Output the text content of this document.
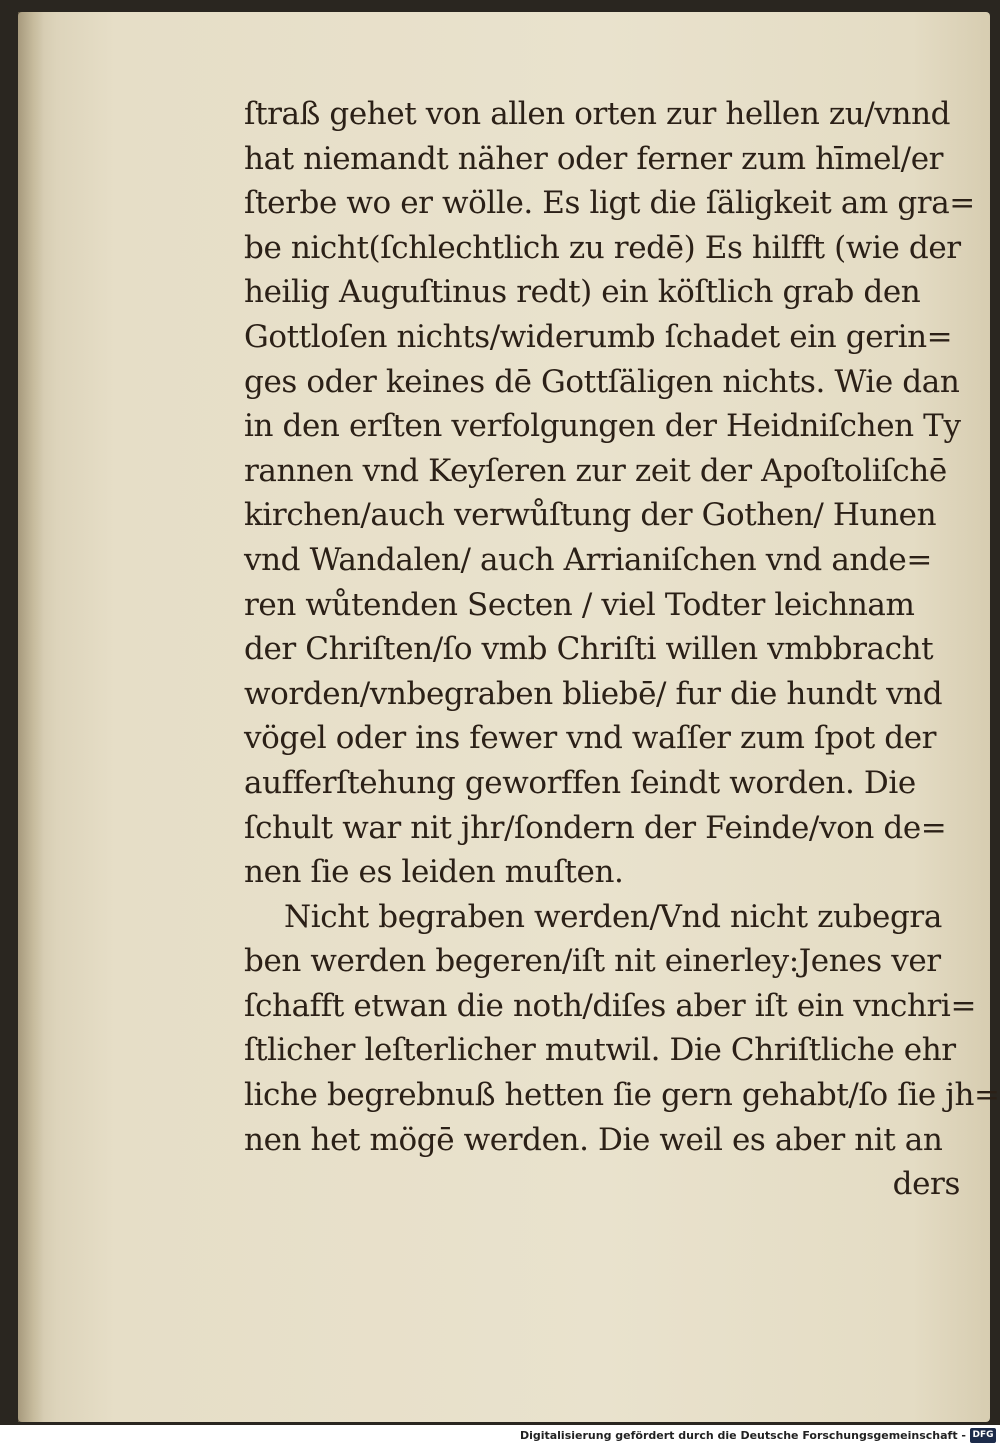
ſtraß gehet von allen orten zur hellen zu/vnnd
hat niemandt näher oder ferner zum hīmel/er
ſterbe wo er wölle. Es ligt die ſäligkeit am gra=
be nicht(ſchlechtlich zu redē) Es hilfft (wie der
heilig Auguſtinus redt) ein köſtlich grab den
Gottloſen nichts/widerumb ſchadet ein gerin=
ges oder keines dē Gottſäligen nichts. Wie dan
in den erſten verfolgungen der Heidniſchen Ty
rannen vnd Keyſeren zur zeit der Apoſtoliſchē
kirchen/auch verwůſtung der Gothen/ Hunen
vnd Wandalen/ auch Arrianiſchen vnd ande=
ren wůtenden Secten / viel Todter leichnam
der Chriſten/ſo vmb Chriſti willen vmbbracht
worden/vnbegraben bliebē/ fur die hundt vnd
vögel oder ins fewer vnd waſſer zum ſpot der
aufferſtehung geworffen ſeindt worden. Die
ſchult war nit jhr/ſondern der Feinde/von de=
nen ſie es leiden muſten.
Nicht begraben werden/Vnd nicht zubegra
ben werden begeren/iſt nit einerley:Jenes ver
ſchafft etwan die noth/diſes aber iſt ein vnchri=
ſtlicher leſterlicher mutwil. Die Chriſtliche ehr
liche begrebnuß hetten ſie gern gehabt/ſo ſie jh=
nen het mögē werden. Die weil es aber nit an
ders
Digitalisierung gefördert durch die Deutsche Forschungsgemeinschaft - DFG
